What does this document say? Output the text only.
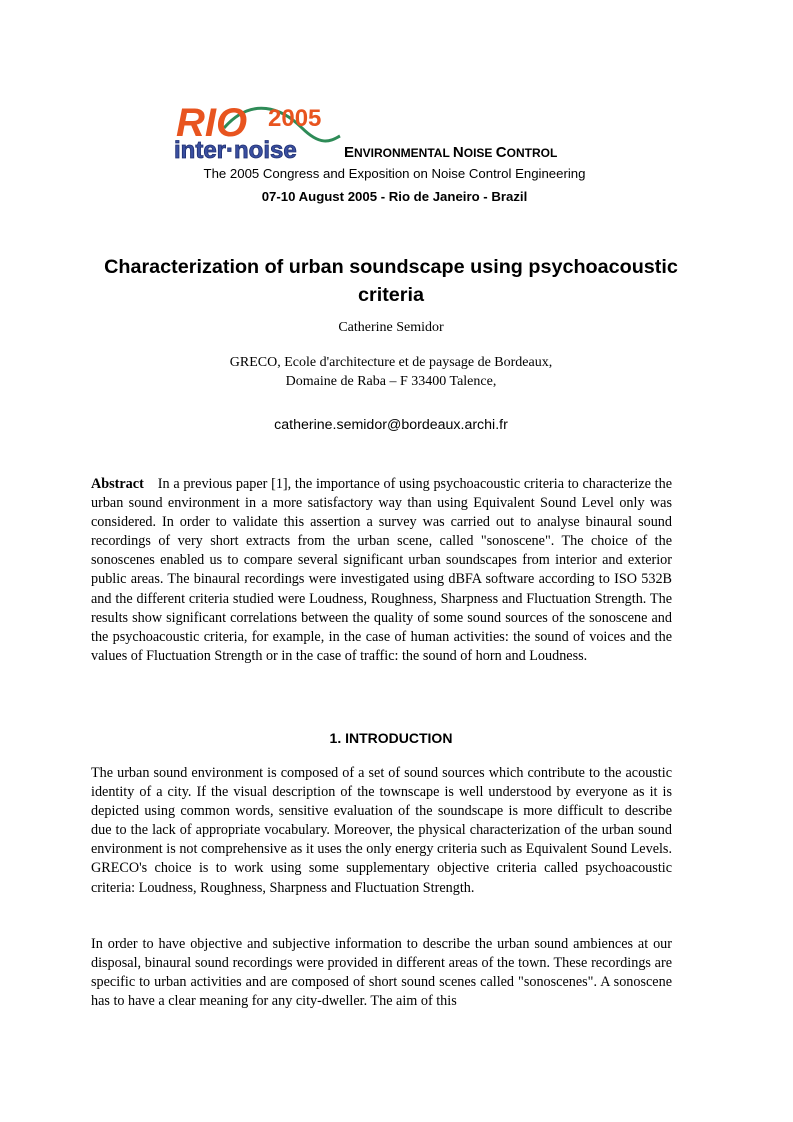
RIO 2005
inter·noise	ENVIRONMENTAL NOISE CONTROL
The 2005 Congress and Exposition on Noise Control Engineering
07-10 August 2005 - Rio de Janeiro - Brazil
Characterization of urban soundscape using psychoacoustic criteria
Catherine Semidor
GRECO, Ecole d'architecture et de paysage de Bordeaux,
Domaine de Raba – F 33400 Talence,
catherine.semidor@bordeaux.archi.fr

Abstract In a previous paper [1], the importance of using psychoacoustic criteria to characterize the urban sound environment in a more satisfactory way than using Equivalent Sound Level only was considered. In order to validate this assertion a survey was carried out to analyse binaural sound recordings of very short extracts from the urban scene, called "sonoscene". The choice of the sonoscenes enabled us to compare several significant urban soundscapes from interior and exterior public areas. The binaural recordings were investigated using dBFA software according to ISO 532B and the different criteria studied were Loudness, Roughness, Sharpness and Fluctuation Strength. The results show significant correlations between the quality of some sound sources of the sonoscene and the psychoacoustic criteria, for example, in the case of human activities: the sound of voices and the values of Fluctuation Strength or in the case of traffic: the sound of horn and Loudness.

1. INTRODUCTION

The urban sound environment is composed of a set of sound sources which contribute to the acoustic identity of a city. If the visual description of the townscape is well understood by everyone as it is depicted using common words, sensitive evaluation of the soundscape is more difficult to describe due to the lack of appropriate vocabulary. Moreover, the physical characterization of the urban sound environment is not comprehensive as it uses the only energy criteria such as Equivalent Sound Levels. GRECO's choice is to work using some supplementary objective criteria called psychoacoustic criteria: Loudness, Roughness, Sharpness and Fluctuation Strength.

In order to have objective and subjective information to describe the urban sound ambiences at our disposal, binaural sound recordings were provided in different areas of the town. These recordings are specific to urban activities and are composed of short sound scenes called "sonoscenes". A sonoscene has to have a clear meaning for any city-dweller. The aim of this
